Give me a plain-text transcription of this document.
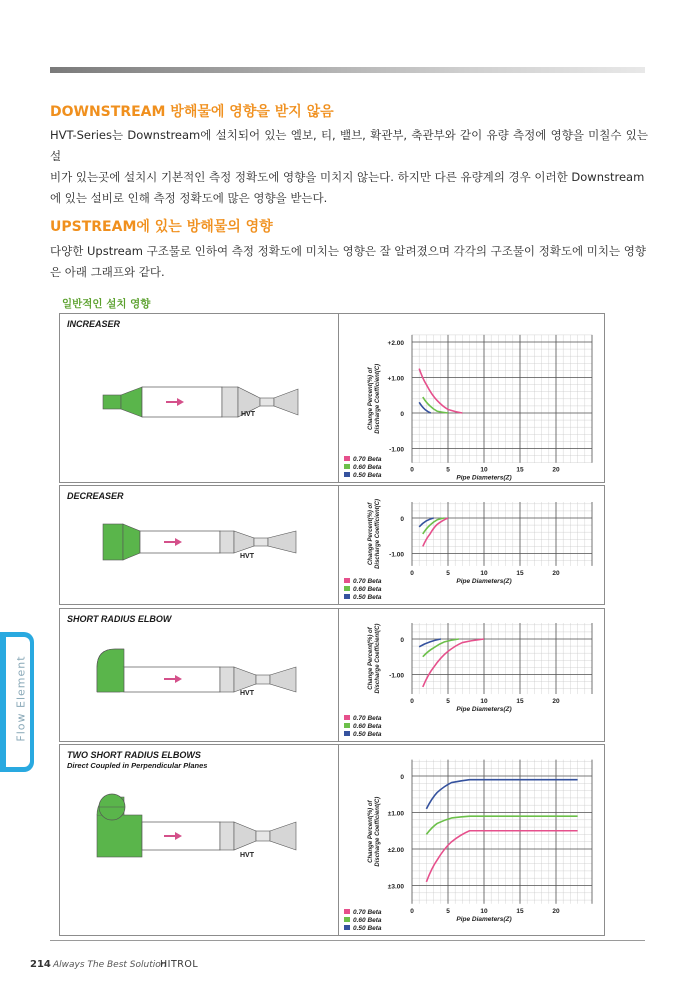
DOWNSTREAM 방해물에 영향을 받지 않음
HVT-Series는 Downstream에 설치되어 있는 엘보, 티, 밸브, 확관부, 축관부와 같이 유량 측정에 영향을 미칠수 있는 설
비가 있는곳에 설치시 기본적인 측정 정확도에 영향을 미치지 않는다. 하지만 다른 유량계의 경우 이러한 Downstream
에 있는 설비로 인해 측정 정확도에 많은 영향을 받는다.
UPSTREAM에 있는 방해물의 영향
다양한 Upstream 구조물로 인하여 측정 정확도에 미치는 영향은 잘 알려졌으며 각각의 구조물이 정확도에 미치는 영향
은 아래 그래프와 같다.
일반적인 설치 영향
INCREASER
HVT
+2.00
+1.00
0
-1.00
0	5	10	15	20
Pipe Diameters(Z)
Change Percent(%) ofDischarge Coefficient(C)
0.70 Beta
0.60 Beta
0.50 Beta
DECREASER
HVT
0
-1.00
0	5	10	15	20
Pipe Diameters(Z)
Change Percent(%) ofDischarge Coefficient(C)
0.70 Beta
0.60 Beta
0.50 Beta
SHORT RADIUS ELBOW
HVT
0
-1.00
0	5	10	15	20
Pipe Diameters(Z)
Change Percent(%) ofDischarge Coefficient(C)
0.70 Beta
0.60 Beta
0.50 Beta
TWO SHORT RADIUS ELBOWS
Direct Coupled in Perpendicular Planes
HVT
0
±1.00
±2.00
±3.00
0	5	10	15	20
Pipe Diameters(Z)
Change Percent(%) ofDischarge Coefficient(C)
0.70 Beta
0.60 Beta
0.50 Beta
Flow Element
214 Always The Best Solution
HITROL
